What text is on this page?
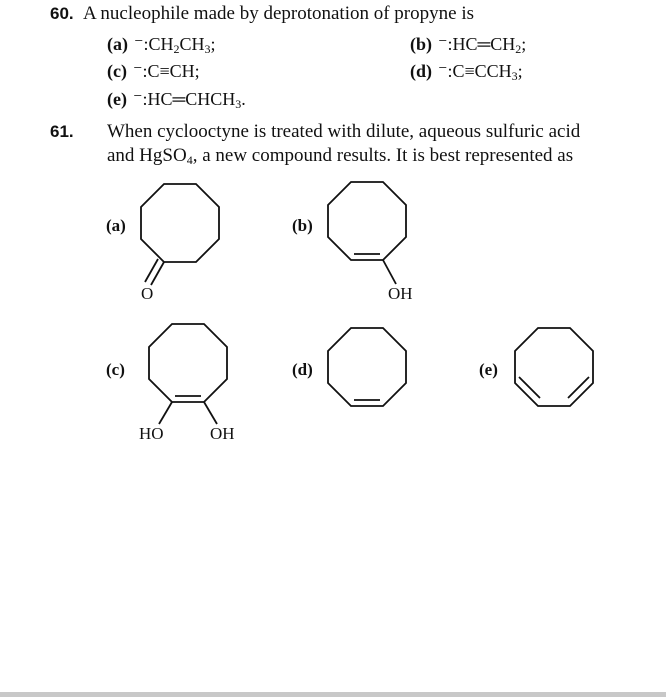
60. A nucleophile made by deprotonation of propyne is
(a) $^-:CH_2CH_3$;	(b) $^-:HC═CH_2$;
(c) ⁻:C≡CH;	(d) $^-:C\equiv CCH_3$;
(e) $^-:HC═CHCH_3$.
61. When cyclooctyne is treated with dilute, aqueous sulfuric acid
and HgSO$_4$, a new compound results. It is best represented as
(a)
O
(b)
OH
(c)
HO	OH
(d)	(e)
